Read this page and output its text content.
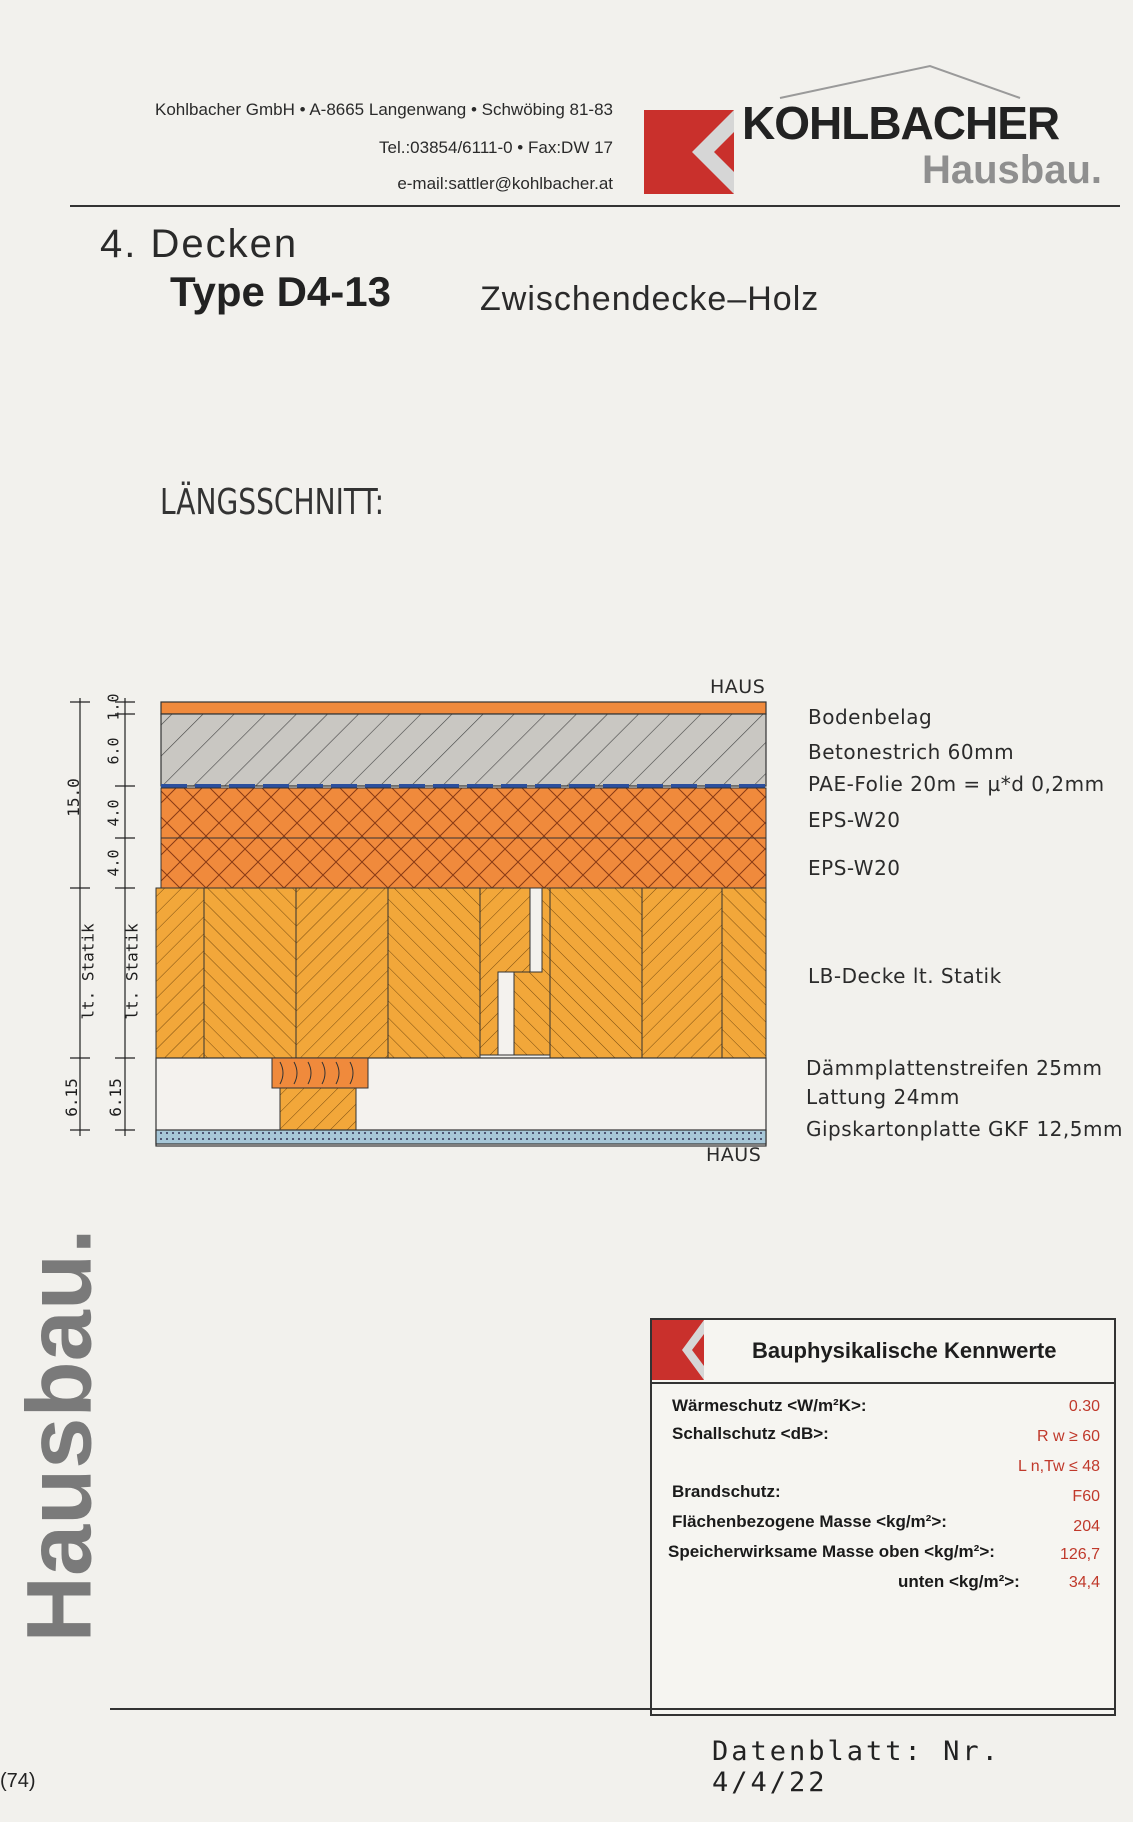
Kohlbacher GmbH • A-8665 Langenwang • Schwöbing 81-83
Tel.:03854/6111-0 • Fax:DW 17
e-mail:sattler@kohlbacher.at
KOHLBACHER
Hausbau.
4. Decken
Type D4-13	Zwischendecke–Holz
LÄNGSSCHNITT:
15.0
lt. Statik
6.15
1.0
6.0
4.0
4.0
lt. Statik
6.15
HAUS
HAUS
Bodenbelag
Betonestrich 60mm
PAE-Folie 20m = µ*d 0,2mm
EPS-W20
EPS-W20
LB-Decke lt. Statik
Dämmplattenstreifen 25mm
Lattung 24mm
Gipskartonplatte GKF 12,5mm
Hausbau.	Bauphysikalische Kennwerte
Wärmeschutz <W/m²K>:	0.30
Schallschutz <dB>:	R w ≥ 60
L n,Tw ≤ 48
Brandschutz:	F60
Flächenbezogene Masse <kg/m²>:	204
Speicherwirksame Masse oben <kg/m²>:	126,7
unten <kg/m²>:	34,4
Datenblatt: Nr. 4/4/22
(74)
